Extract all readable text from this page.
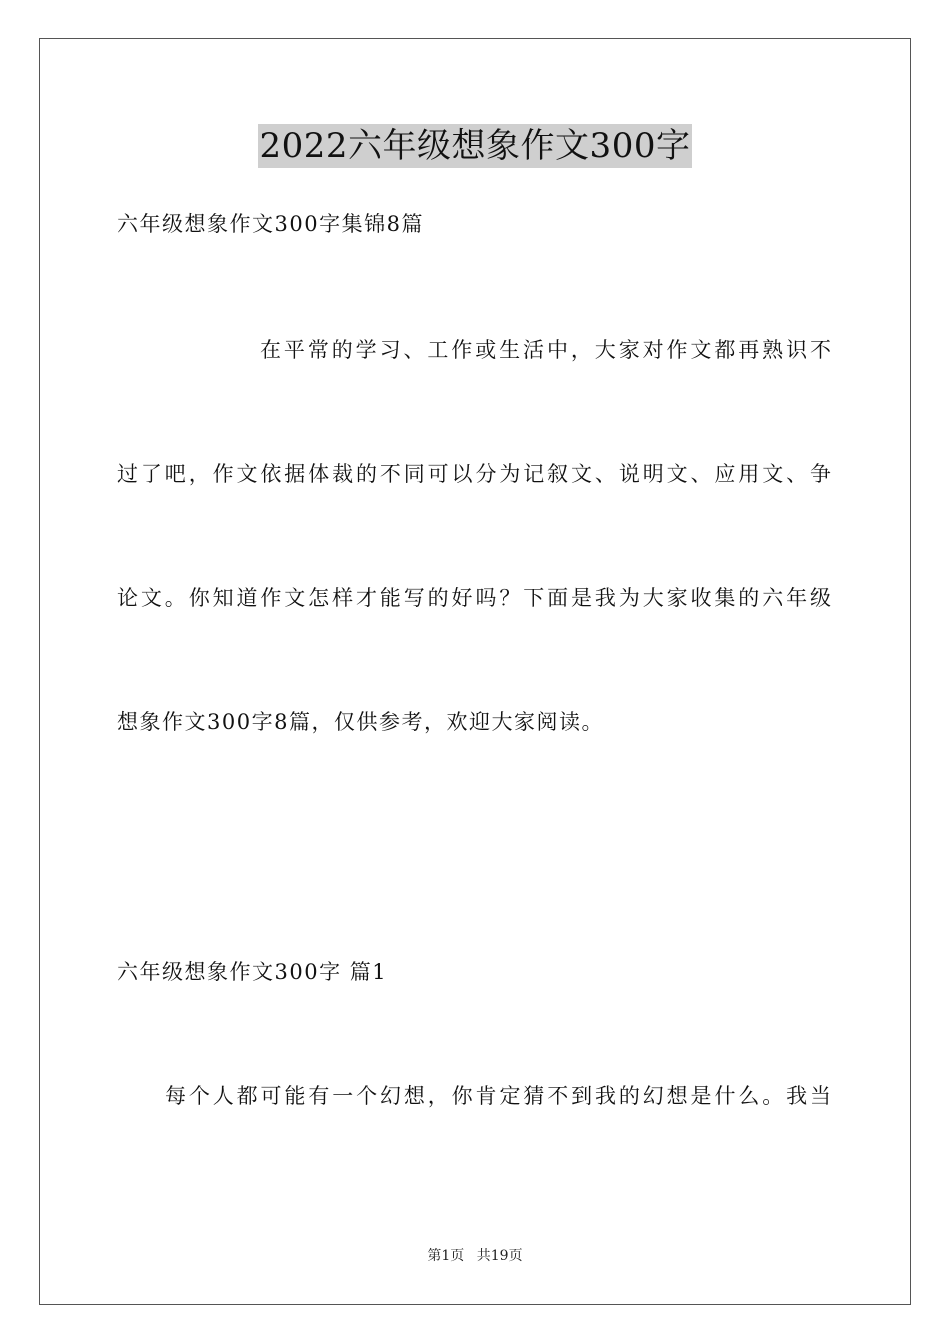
2022六年级想象作文300字
六年级想象作文300字集锦8篇
在平常的学习、工作或生活中，大家对作文都再熟识不
过了吧，作文依据体裁的不同可以分为记叙文、说明文、应用文、争
论文。你知道作文怎样才能写的好吗？下面是我为大家收集的六年级
想象作文300字8篇，仅供参考，欢迎大家阅读。
六年级想象作文300字 篇1
每个人都可能有一个幻想，你肯定猜不到我的幻想是什么。我当
第1页 共19页
